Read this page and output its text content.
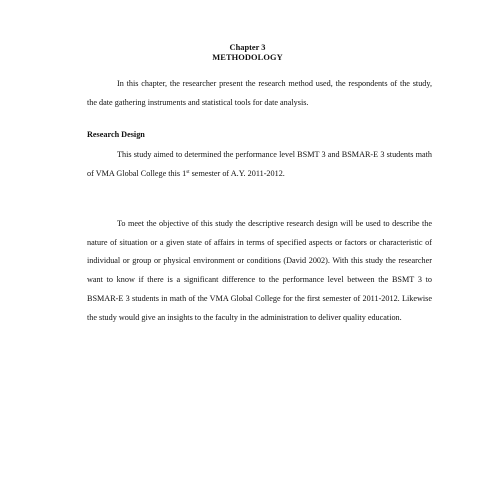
Chapter 3
METHODOLOGY

In this chapter, the researcher present the research method used, the respondents of the study, the date gathering instruments and statistical tools for date analysis.

Research Design

This study aimed to determined the performance level BSMT 3 and BSMAR-E 3 students math of VMA Global College this 1st semester of A.Y. 2011-2012.

To meet the objective of this study the descriptive research design will be used to describe the nature of situation or a given state of affairs in terms of specified aspects or factors or characteristic of individual or group or physical environment or conditions (David 2002). With this study the researcher want to know if there is a significant difference to the performance level between the BSMT 3 to BSMAR-E 3 students in math of the VMA Global College for the first semester of 2011-2012. Likewise the study would give an insights to the faculty in the administration to deliver quality education.
